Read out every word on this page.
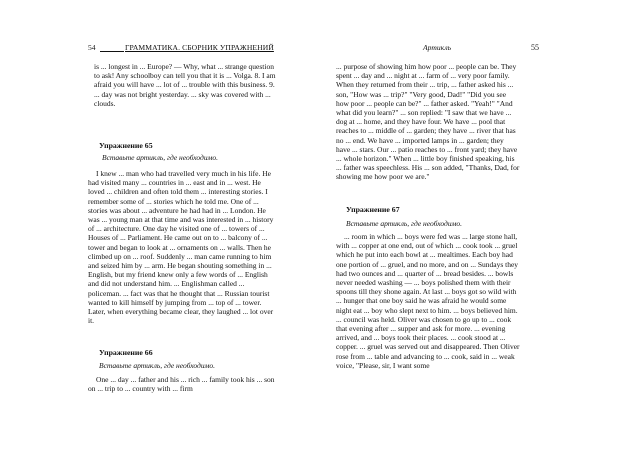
54	ГРАММАТИКА. СБОРНИК УПРАЖНЕНИЙ

is ... longest in ... Europe? — Why, what ... strange question

to ask! Any schoolboy can tell you that it is ... Volga. 8. I am

afraid you will have ... lot of ... trouble with this business. 9.

... day was not bright yesterday. ... sky was covered with ...

clouds.

Упражнение 65

Вставьте артикль, где необходимо.

I knew ... man who had travelled very much in his life. He

had visited many ... countries in ... east and in ... west. He

loved ... children and often told them ... interesting stories. I

remember some of ... stories which he told me. One of ...

stories was about ... adventure he had had in ... London. He

was ... young man at that time and was interested in ... history

of ... architecture. One day he visited one of ... towers of ...

Houses of ... Parliament. He came out on to ... balcony of ...

tower and began to look at ... ornaments on ... walls. Then he

climbed up on ... roof. Suddenly ... man came running to him

and seized him by ... arm. He began shouting something in ...

English, but my friend knew only a few words of ... English

and did not understand him. ... Englishman called ...

policeman. ... fact was that he thought that ... Russian tourist

wanted to kill himself by jumping from ... top of ... tower.

Later, when everything became clear, they laughed ... lot over

it.

Упражнение 66

Вставьте артикль, где необходимо.

One ... day ... father and his ... rich ... family took his ... son

on ... trip to ... country with ... firm

Артикль	55

... purpose of showing him how poor ... people can be. They

spent ... day and ... night at ... farm of ... very poor family.

When they returned from their ... trip, ... father asked his ...

son, "How was ... trip?" "Very good, Dad!" "Did you see

how poor ... people can be?" ... father asked. "Yeah!" "And

what did you learn?" ... son replied: "I saw that we have ...

dog at ... home, and they have four. We have ... pool that

reaches to ... middle of ... garden; they have ... river that has

no ... end. We have ... imported lamps in ... garden; they

have ... stars. Our ... patio reaches to ... front yard; they have

... whole horizon." When ... little boy finished speaking, his

... father was speechless. His ... son added, "Thanks, Dad, for

showing me how poor we are."

Упражнение 67

Вставьте артикль, где необходимо.

... room in which ... boys were fed was ... large stone hall,

with ... copper at one end, out of which ... cook took ... gruel

which he put into each bowl at ... mealtimes. Each boy had

one portion of ... gruel, and no more, and on ... Sundays they

had two ounces and ... quarter of ... bread besides. ... bowls

never needed washing — ... boys polished them with their

spoons till they shone again. At last ... boys got so wild with

... hunger that one boy said he was afraid he would some

night eat ... boy who slept next to him. ... boys believed him.

... council was held. Oliver was chosen to go up to ... cook

that evening after ... supper and ask for more. ... evening

arrived, and ... boys took their places. ... cook stood at ...

copper. ... gruel was served out and disappeared. Then Oliver

rose from ... table and advancing to ... cook, said in ... weak

voice, "Please, sir, I want some
